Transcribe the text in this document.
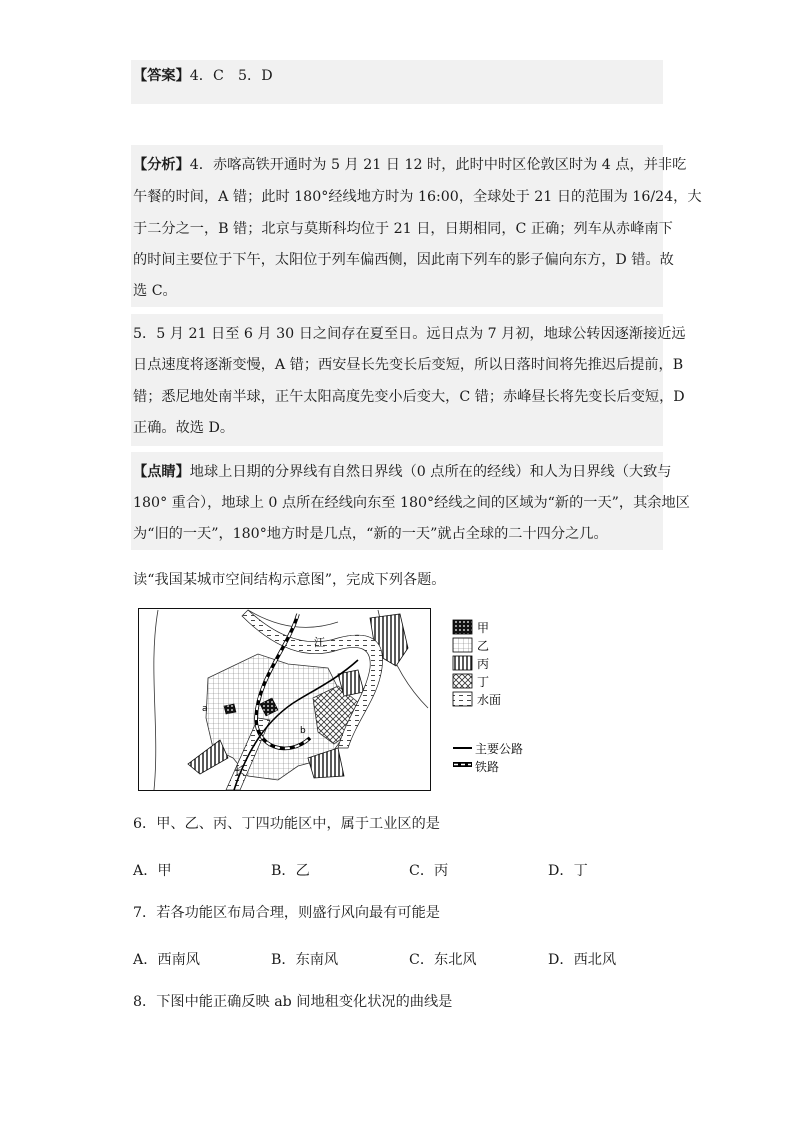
【答案】4．C　5．D
【分析】4．赤喀高铁开通时为 5 月 21 日 12 时，此时中时区伦敦区时为 4 点，并非吃
午餐的时间，A 错；此时 180°经线地方时为 16:00，全球处于 21 日的范围为 16/24，大
于二分之一，B 错；北京与莫斯科均位于 21 日，日期相同，C 正确；列车从赤峰南下
的时间主要位于下午，太阳位于列车偏西侧，因此南下列车的影子偏向东方，D 错。故
选 C。
5．5 月 21 日至 6 月 30 日之间存在夏至日。远日点为 7 月初，地球公转因逐渐接近远
日点速度将逐渐变慢，A 错；西安昼长先变长后变短，所以日落时间将先推迟后提前，B
错；悉尼地处南半球，正午太阳高度先变小后变大，C 错；赤峰昼长将先变长后变短，D
正确。故选 D。
【点睛】地球上日期的分界线有自然日界线（0 点所在的经线）和人为日界线（大致与
180° 重合），地球上 0 点所在经线向东至 180°经线之间的区域为“新的一天”，其余地区
为“旧的一天”，180°地方时是几点，“新的一天”就占全球的二十四分之几。
读“我国某城市空间结构示意图”，完成下列各题。
a
b
江
长
甲
乙
丙
丁
水面
主要公路
铁路
6．甲、乙、丙、丁四功能区中，属于工业区的是
A．甲	B．乙	C．丙	D．丁
7．若各功能区布局合理，则盛行风向最有可能是
A．西南风	B．东南风	C．东北风	D．西北风
8．下图中能正确反映 ab 间地租变化状况的曲线是
